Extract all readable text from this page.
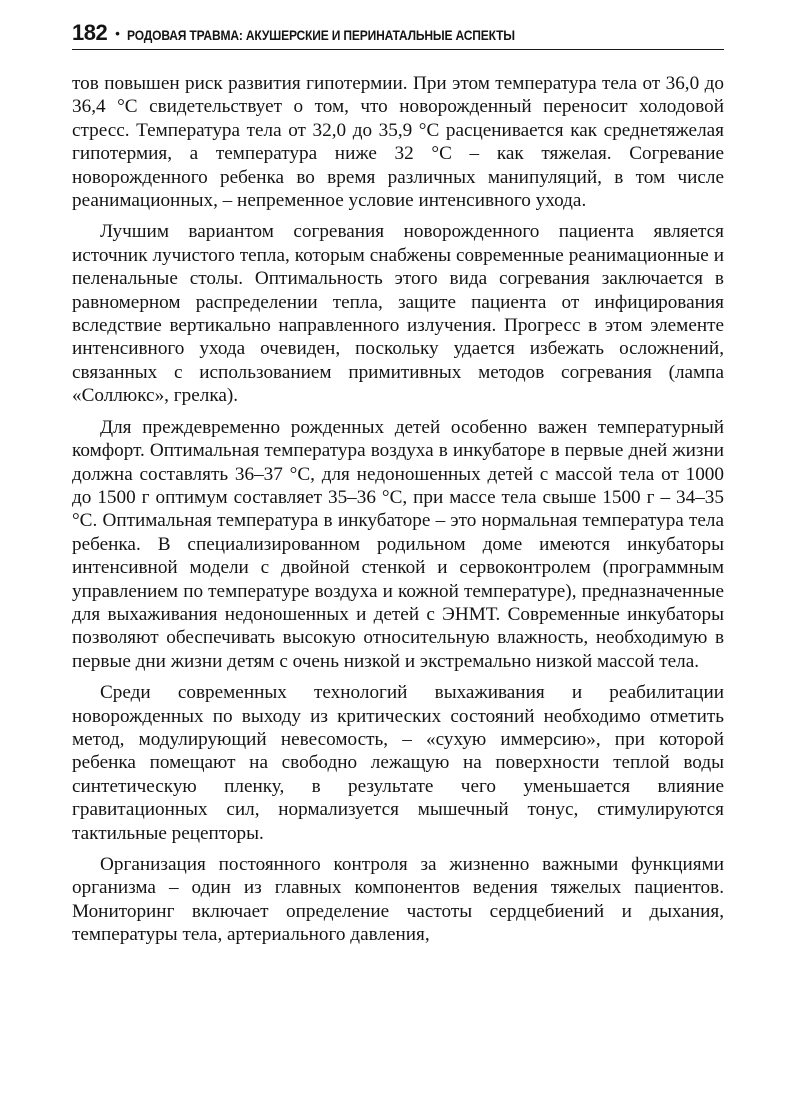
182 • РОДОВАЯ ТРАВМА: АКУШЕРСКИЕ И ПЕРИНАТАЛЬНЫЕ АСПЕКТЫ

тов повышен риск развития гипотермии. При этом температура тела от 36,0 до 36,4 °С свидетельствует о том, что новорожденный переносит холодовой стресс. Температура тела от 32,0 до 35,9 °С расценивается как среднетяжелая гипотермия, а температура ниже 32 °С – как тяжелая. Согревание новорожденного ребенка во время различных манипуляций, в том числе реанимационных, – непременное условие интенсивного ухода.

Лучшим вариантом согревания новорожденного пациента является источник лучистого тепла, которым снабжены современные реанимационные и пеленальные столы. Оптимальность этого вида согревания заключается в равномерном распределении тепла, защите пациента от инфицирования вследствие вертикально направленного излучения. Прогресс в этом элементе интенсивного ухода очевиден, поскольку удается избежать осложнений, связанных с использованием примитивных методов согревания (лампа «Соллюкс», грелка).

Для преждевременно рожденных детей особенно важен температурный комфорт. Оптимальная температура воздуха в инкубаторе в первые дней жизни должна составлять 36–37 °С, для недоношенных детей с массой тела от 1000 до 1500 г оптимум составляет 35–36 °С, при массе тела свыше 1500 г – 34–35 °С. Оптимальная температура в инкубаторе – это нормальная температура тела ребенка. В специализированном родильном доме имеются инкубаторы интенсивной модели с двойной стенкой и сервоконтролем (программным управлением по температуре воздуха и кожной температуре), предназначенные для выхаживания недоношенных и детей с ЭНМТ. Современные инкубаторы позволяют обеспечивать высокую относительную влажность, необходимую в первые дни жизни детям с очень низкой и экстремально низкой массой тела.

Среди современных технологий выхаживания и реабилитации новорожденных по выходу из критических состояний необходимо отметить метод, модулирующий невесомость, – «сухую иммерсию», при которой ребенка помещают на свободно лежащую на поверхности теплой воды синтетическую пленку, в результате чего уменьшается влияние гравитационных сил, нормализуется мышечный тонус, стимулируются тактильные рецепторы.

Организация постоянного контроля за жизненно важными функциями организма – один из главных компонентов ведения тяжелых пациентов. Мониторинг включает определение частоты сердцебиений и дыхания, температуры тела, артериального давления,
